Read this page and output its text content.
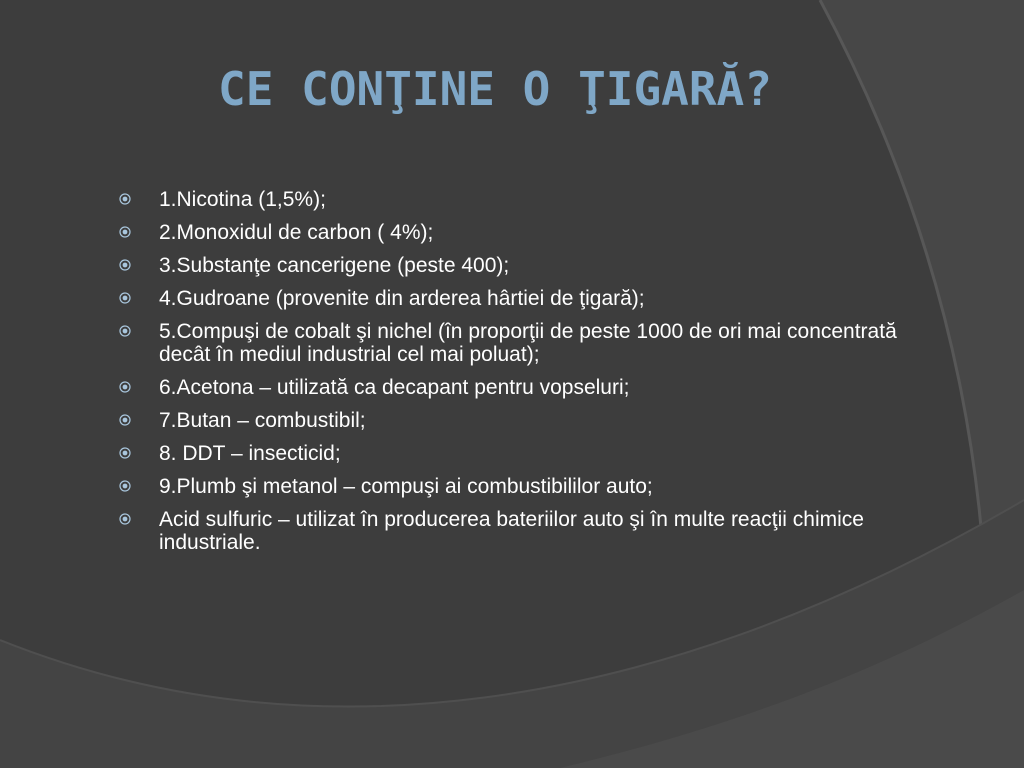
CE CONŢINE O ŢIGARĂ?
1.Nicotina (1,5%);
2.Monoxidul de carbon ( 4%);
3.Substanţe cancerigene (peste 400);
4.Gudroane (provenite din arderea hârtiei de ţigară);
5.Compuşi de cobalt şi nichel (în proporţii de peste 1000 de ori mai concentrată decât în mediul industrial cel mai poluat);
6.Acetona – utilizată ca decapant pentru vopseluri;
7.Butan – combustibil;
8. DDT – insecticid;
9.Plumb şi metanol – compuşi ai combustibililor auto;
Acid sulfuric – utilizat în producerea bateriilor auto şi în multe reacţii chimice industriale.
